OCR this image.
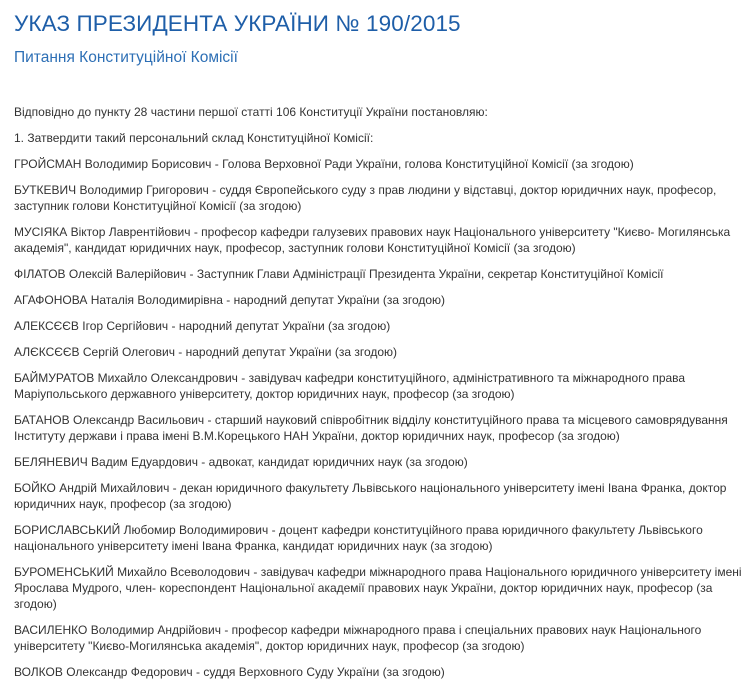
УКАЗ ПРЕЗИДЕНТА УКРАЇНИ № 190/2015
Питання Конституційної Комісії

Відповідно до пункту 28 частини першої статті 106 Конституції України постановляю:

1. Затвердити такий персональний склад Конституційної Комісії:

ГРОЙСМАН Володимир Борисович - Голова Верховної Ради України, голова Конституційної Комісії (за згодою)

БУТКЕВИЧ Володимир Григорович - суддя Європейського суду з прав людини у відставці, доктор юридичних наук, професор, заступник голови Конституційної Комісії (за згодою)

МУСІЯКА Віктор Лаврентійович - професор кафедри галузевих правових наук Національного університету "Києво- Могилянська академія", кандидат юридичних наук, професор, заступник голови Конституційної Комісії (за згодою)

ФІЛАТОВ Олексій Валерійович - Заступник Глави Адміністрації Президента України, секретар Конституційної Комісії

АГАФОНОВА Наталія Володимирівна - народний депутат України (за згодою)

АЛЕКСЄЄВ Ігор Сергійович - народний депутат України (за згодою)

АЛЄКСЄЄВ Сергій Олегович - народний депутат України (за згодою)

БАЙМУРАТОВ Михайло Олександрович - завідувач кафедри конституційного, адміністративного та міжнародного права Маріупольського державного університету, доктор юридичних наук, професор (за згодою)

БАТАНОВ Олександр Васильович - старший науковий співробітник відділу конституційного права та місцевого самоврядування Інституту держави і права імені В.М.Корецького НАН України, доктор юридичних наук, професор (за згодою)

БЕЛЯНЕВИЧ Вадим Едуардович - адвокат, кандидат юридичних наук (за згодою)

БОЙКО Андрій Михайлович - декан юридичного факультету Львівського національного університету імені Івана Франка, доктор юридичних наук, професор (за згодою)

БОРИСЛАВСЬКИЙ Любомир Володимирович - доцент кафедри конституційного права юридичного факультету Львівського національного університету імені Івана Франка, кандидат юридичних наук (за згодою)

БУРОМЕНСЬКИЙ Михайло Всеволодович - завідувач кафедри міжнародного права Національного юридичного університету імені Ярослава Мудрого, член- кореспондент Національної академії правових наук України, доктор юридичних наук, професор (за згодою)

ВАСИЛЕНКО Володимир Андрійович - професор кафедри міжнародного права і спеціальних правових наук Національного університету "Києво-Могилянська академія", доктор юридичних наук, професор (за згодою)

ВОЛКОВ Олександр Федорович - суддя Верховного Суду України (за згодою)
